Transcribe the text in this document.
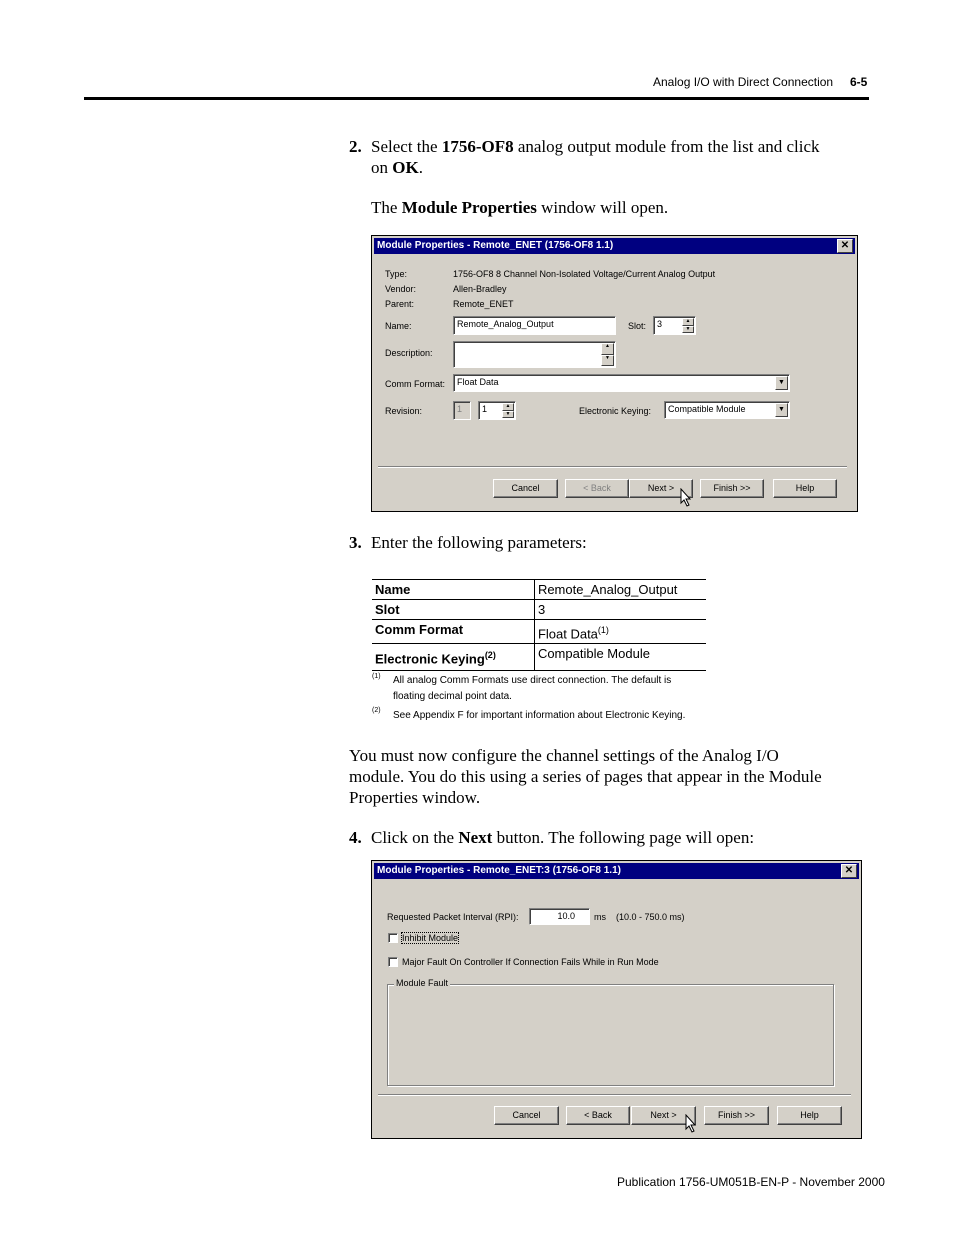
Analog I/O with Direct Connection 6-5
2. Select the 1756-OF8 analog output module from the list and click
on OK.
The Module Properties window will open.
Module Properties - Remote_ENET (1756-OF8 1.1)	✕
Type:	1756-OF8 8 Channel Non-Isolated Voltage/Current Analog Output
Vendor:	Allen-Bradley
Parent:	Remote_ENET
Name:	Remote_Analog_Output	Slot:	3	▲
▼
Description:
▲
▼
Comm Format:	Float Data	▼
Revision:	1	1	▲
▼	Electronic Keying:	Compatible Module	▼
Cancel	< Back	Next >	Finish >>	Help
3. Enter the following parameters:
Name	Remote_Analog_Output
Slot	3
Comm Format	Float Data$^{(1)}$
Electronic Keying$^{(2)}$	Compatible Module
(1) All analog Comm Formats use direct connection. The default is
floating decimal point data.
(2) See Appendix F for important information about Electronic Keying.
You must now configure the channel settings of the Analog I/O
module. You do this using a series of pages that appear in the Module
Properties window.
4. Click on the Next button. The following page will open:
Module Properties - Remote_ENET:3 (1756-OF8 1.1)	✕
Requested Packet Interval (RPI):	10.0	ms (10.0 - 750.0 ms)
Inhibit Module
Major Fault On Controller If Connection Fails While in Run Mode
Module Fault
Cancel	< Back	Next >	Finish >>	Help
Publication 1756-UM051B-EN-P - November 2000
